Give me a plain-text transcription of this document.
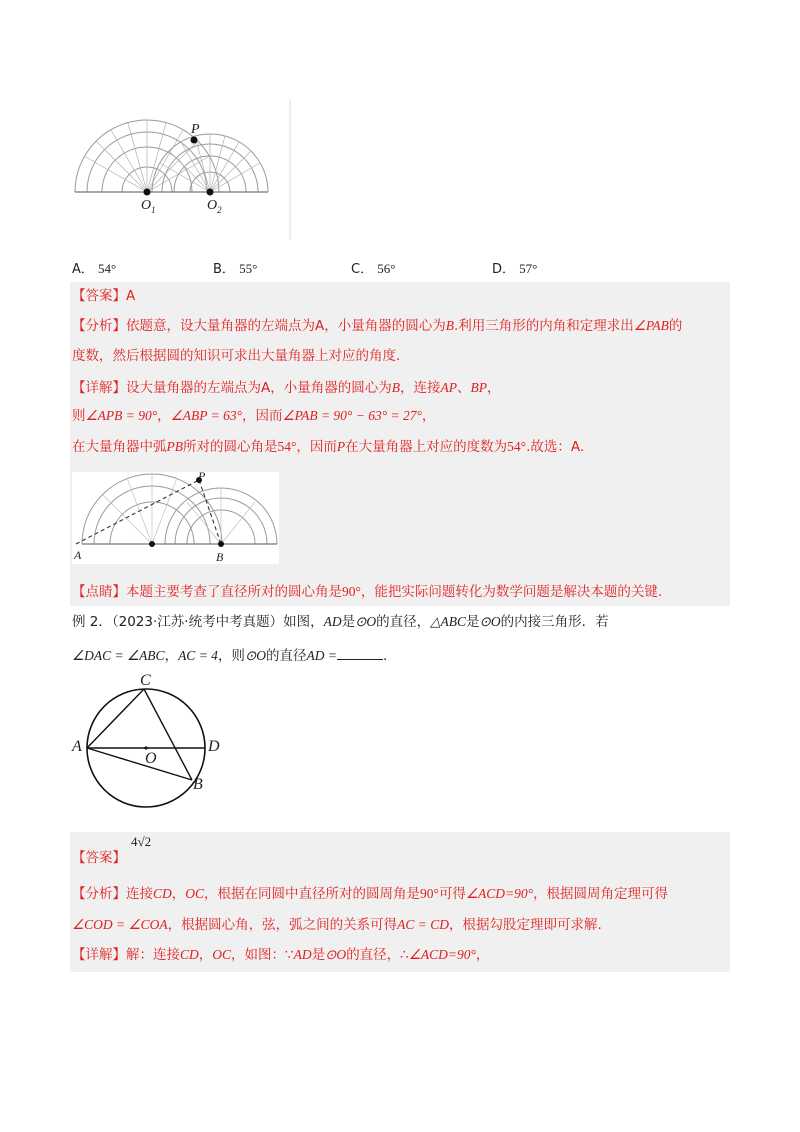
P
$O_1$	$O_2$
A． 54°	B． 55°	C． 56°	D． 57°
【答案】A
【分析】依题意，设大量角器的左端点为A，小量角器的圆心为B.利用三角形的内角和定理求出∠PAB的
度数，然后根据圆的知识可求出大量角器上对应的角度.
【详解】设大量角器的左端点为A，小量角器的圆心为B，连接AP、BP，
则∠APB = 90°，∠ABP = 63°，因而∠PAB = 90° − 63° = 27°，
在大量角器中弧PB所对的圆心角是54°，因而P在大量角器上对应的度数为54°.故选：A.
A	B
P
【点睛】本题主要考查了直径所对的圆心角是90°，能把实际问题转化为数学问题是解决本题的关键.
例 2．（2023·江苏·统考中考真题）如图，AD是⊙O的直径，△ABC是⊙O的内接三角形．若
∠DAC = ∠ABC，AC = 4，则⊙O的直径AD =	.
C
A	D
O
B
4√2
【答案】
【分析】连接CD，OC，根据在同圆中直径所对的圆周角是90°可得∠ACD=90°，根据圆周角定理可得
∠COD = ∠COA，根据圆心角，弦，弧之间的关系可得AC = CD，根据勾股定理即可求解.
【详解】解：连接CD，OC，如图：∵AD是⊙O的直径，∴∠ACD=90°，
